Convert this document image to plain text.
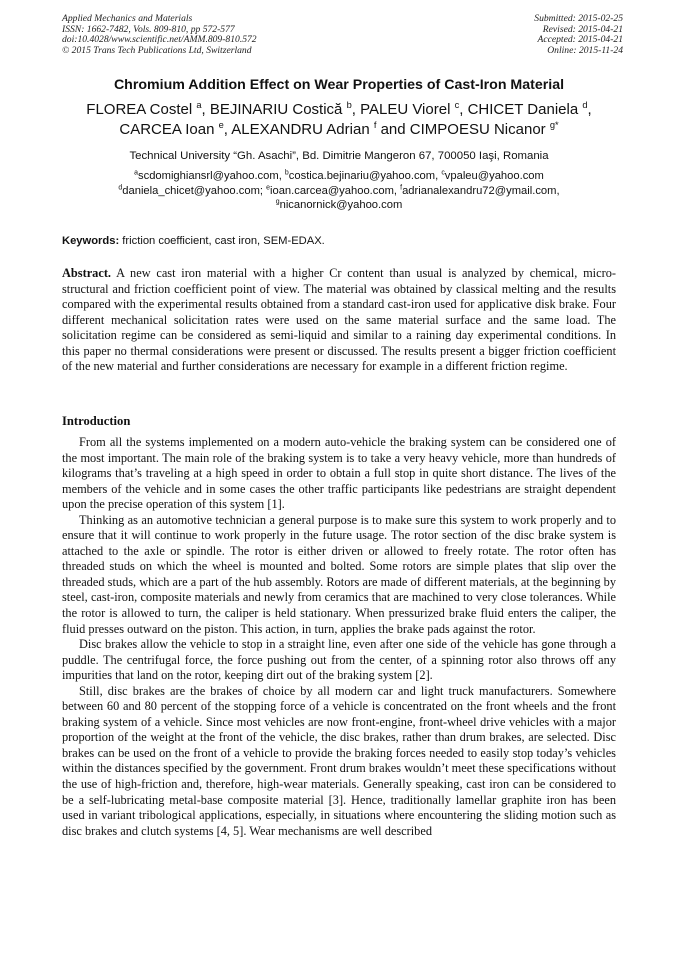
Applied Mechanics and Materials
ISSN: 1662-7482, Vols. 809-810, pp 572-577
doi:10.4028/www.scientific.net/AMM.809-810.572
© 2015 Trans Tech Publications Ltd, Switzerland
Submitted: 2015-02-25
Revised: 2015-04-21
Accepted: 2015-04-21
Online: 2015-11-24
Chromium Addition Effect on Wear Properties of Cast-Iron Material
FLOREA Costel $^a$, BEJINARIU Costică $^b$, PALEU Viorel $^c$, CHICET Daniela $^d$,
CARCEA Ioan $^e$, ALEXANDRU Adrian $^f$ and CIMPOESU Nicanor $^{g*}$
Technical University “Gh. Asachi”, Bd. Dimitrie Mangeron 67, 700050 Iaşi, Romania
$^a$scdomighiansrl@yahoo.com, $^b$costica.bejinariu@yahoo.com, $^c$vpaleu@yahoo.com
$^d$daniela_chicet@yahoo.com; $^e$ioan.carcea@yahoo.com, $^f$adrianalexandru72@ymail.com,
$^g$nicanornick@yahoo.com
Keywords: friction coefficient, cast iron, SEM-EDAX.
Abstract. A new cast iron material with a higher Cr content than usual is analyzed by chemical, micro-structural and friction coefficient point of view. The material was obtained by classical melting and the results compared with the experimental results obtained from a standard cast-iron used for applicative disk brake. Four different mechanical solicitation rates were used on the same material surface and the same load. The solicitation regime can be considered as semi-liquid and similar to a raining day experimental conditions. In this paper no thermal considerations were present or discussed. The results present a bigger friction coefficient of the new material and further considerations are necessary for example in a different friction regime.
Introduction

From all the systems implemented on a modern auto-vehicle the braking system can be considered one of the most important. The main role of the braking system is to take a very heavy vehicle, more than hundreds of kilograms that’s traveling at a high speed in order to obtain a full stop in quite short distance. The lives of the members of the vehicle and in some cases the other traffic participants like pedestrians are straight dependent upon the precise operation of this system [1].

Thinking as an automotive technician a general purpose is to make sure this system to work properly and to ensure that it will continue to work properly in the future usage. The rotor section of the disc brake system is attached to the axle or spindle. The rotor is either driven or allowed to freely rotate. The rotor often has threaded studs on which the wheel is mounted and bolted. Some rotors are simple plates that slip over the threaded studs, which are a part of the hub assembly. Rotors are made of different materials, at the beginning by steel, cast-iron, composite materials and newly from ceramics that are machined to very close tolerances. While the rotor is allowed to turn, the caliper is held stationary. When pressurized brake fluid enters the caliper, the fluid presses outward on the piston. This action, in turn, applies the brake pads against the rotor.

Disc brakes allow the vehicle to stop in a straight line, even after one side of the vehicle has gone through a puddle. The centrifugal force, the force pushing out from the center, of a spinning rotor also throws off any impurities that land on the rotor, keeping dirt out of the braking system [2].

Still, disc brakes are the brakes of choice by all modern car and light truck manufacturers. Somewhere between 60 and 80 percent of the stopping force of a vehicle is concentrated on the front wheels and the front braking system of a vehicle. Since most vehicles are now front-engine, front-wheel drive vehicles with a major proportion of the weight at the front of the vehicle, the disc brakes, rather than drum brakes, are selected. Disc brakes can be used on the front of a vehicle to provide the braking forces needed to easily stop today’s vehicles within the distances specified by the government. Front drum brakes wouldn’t meet these specifications without the use of high-friction and, therefore, high-wear materials. Generally speaking, cast iron can be considered to be a self-lubricating metal-base composite material [3]. Hence, traditionally lamellar graphite iron has been used in variant tribological applications, especially, in situations where encountering the sliding motion such as disc brakes and clutch systems [4, 5]. Wear mechanisms are well described
